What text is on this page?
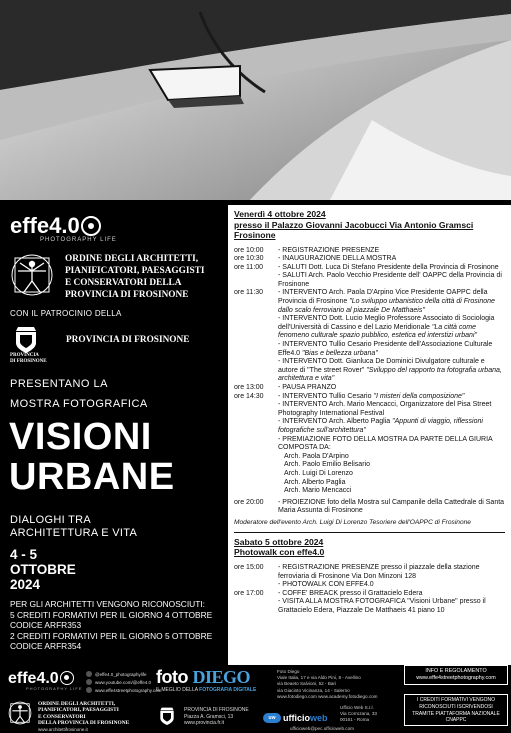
effe4.0
PHOTOGRAPHY LIFE
ORDINE DEGLI ARCHITETTI,
PIANIFICATORI, PAESAGGISTI
E CONSERVATORI DELLA
PROVINCIA DI FROSINONE
CON IL PATROCINIO DELLA
PROVINCIA
DI FROSINONE
PROVINCIA DI FROSINONE
PRESENTANO LA
MOSTRA FOTOGRAFICA
VISIONI
URBANE
DIALOGHI TRA
ARCHITETTURA E VITA
4 - 5
OTTOBRE
2024
PER GLI ARCHITETTI VENGONO RICONOSCIUTI:
5 CREDITI FORMATIVI PER IL GIORNO 4 OTTOBRE
CODICE ARFR353
2 CREDITI FORMATIVI PER IL GIORNO 5 OTTOBRE
CODICE ARFR354
Venerdì 4 ottobre 2024
presso il Palazzo Giovanni Jacobucci Via Antonio Gramsci
Frosinone
ore 10:00	- REGISTRAZIONE PRESENZE
ore 10:30	- INAUGURAZIONE DELLA MOSTRA
ore 11:00	- SALUTI Dott. Luca Di Stefano Presidente della Provincia di Frosinone
- SALUTI Arch. Paolo Vecchio Presidente dell' OAPPC della Provincia di Frosinone
ore 11:30	- INTERVENTO Arch. Paola D'Arpino Vice Presidente OAPPC della Provincia di Frosinone "Lo sviluppo urbanistico della città di Frosinone dallo scalo ferroviario al piazzale De Matthaeis"
- INTERVENTO Dott. Lucio Meglio Professore Associato di Sociologia dell'Università di Cassino e del Lazio Meridionale "La città come fenomeno culturale spazio pubblico, estetica ed interstizi urbani"
- INTERVENTO Tullio Cesario Presidente dell'Associazione Culturale Effe4.0 "Bias e bellezza urbana"
- INTERVENTO Dott. Gianluca De Dominici Divulgatore culturale e autore di "The street Rover" "Sviluppo del rapporto tra fotografia urbana, architettura e vita"
ore 13:00	- PAUSA PRANZO
ore 14:30	- INTERVENTO Tullio Cesario "I misteri della composizione"
- INTERVENTO Arch. Mario Mencacci, Organizzatore del Pisa Street Photography International Festival
- INTERVENTO Arch. Alberto Paglia "Appunti di viaggio, riflessioni fotografiche sull'architettura"
- PREMIAZIONE FOTO DELLA MOSTRA DA PARTE DELLA GIURIA COMPOSTA DA:
Arch. Paola D'Arpino
Arch. Paolo Emilio Belisario
Arch. Luigi Di Lorenzo
Arch. Alberto Paglia
Arch. Mario Mencacci
ore 20:00	- PROIEZIONE foto della Mostra sul Campanile della Cattedrale di Santa Maria Assunta di Frosinone
Moderatore dell'evento Arch. Luigi Di Lorenzo Tesoriere dell'OAPPC di Frosinone
Sabato 5 ottobre 2024
Photowalk con effe4.0
ore 15:00	- REGISTRAZIONE PRESENZE presso il piazzale della stazione ferroviaria di Frosinone Via Don Minzoni 128
- PHOTOWALK CON EFFE4.0
ore 17:00	- COFFE' BREACK presso il Grattacielo Edera
- VISITA ALLA MOSTRA FOTOGRAFICA "Visioni Urbane" presso il Grattacielo Edera, Piazzale De Matthaeis 41 piano 10
effe4.0
PHOTOGRAPHY LIFE
@effe4.0_photographylife
www.youtube.com/@effe4.0
www.effe4streetphotography.com
ORDINE DEGLI ARCHITETTI,
PIANIFICATORI, PAESAGGISTI
E CONSERVATORI
DELLA PROVINCIA DI FROSINONE
www.architettifrosinone.it
foto DIEGO
IL MEGLIO DELLA FOTOGRAFIA DIGITALE
PROVINCIA DI FROSINONE
Piazza A. Gramsci, 13
www.provincia.fr.it
Foto Diego
Viale Italia, 17 e via Aldo Pini, 8 - Avellino
via Beaeto Salvioni, 52 - Bari
via Giacinto Vicinanza, 14 - Salerno
www.fotodiego.com www.academy.fotodiego.com
uw ufficioweb
Ufficio Web S.r.l.
Via Corrozana, 33
00161 - Roma
ufficioweb@pec.ufficioweb.com
INFO E REGOLAMENTO
www.effe4streetphotography.com
I CREDITI FORMATIVI VENGONO
RICONOSCIUTI ISCRIVENDOSI
TRAMITE PIATTAFORMA NAZIONALE
CNAPPC
